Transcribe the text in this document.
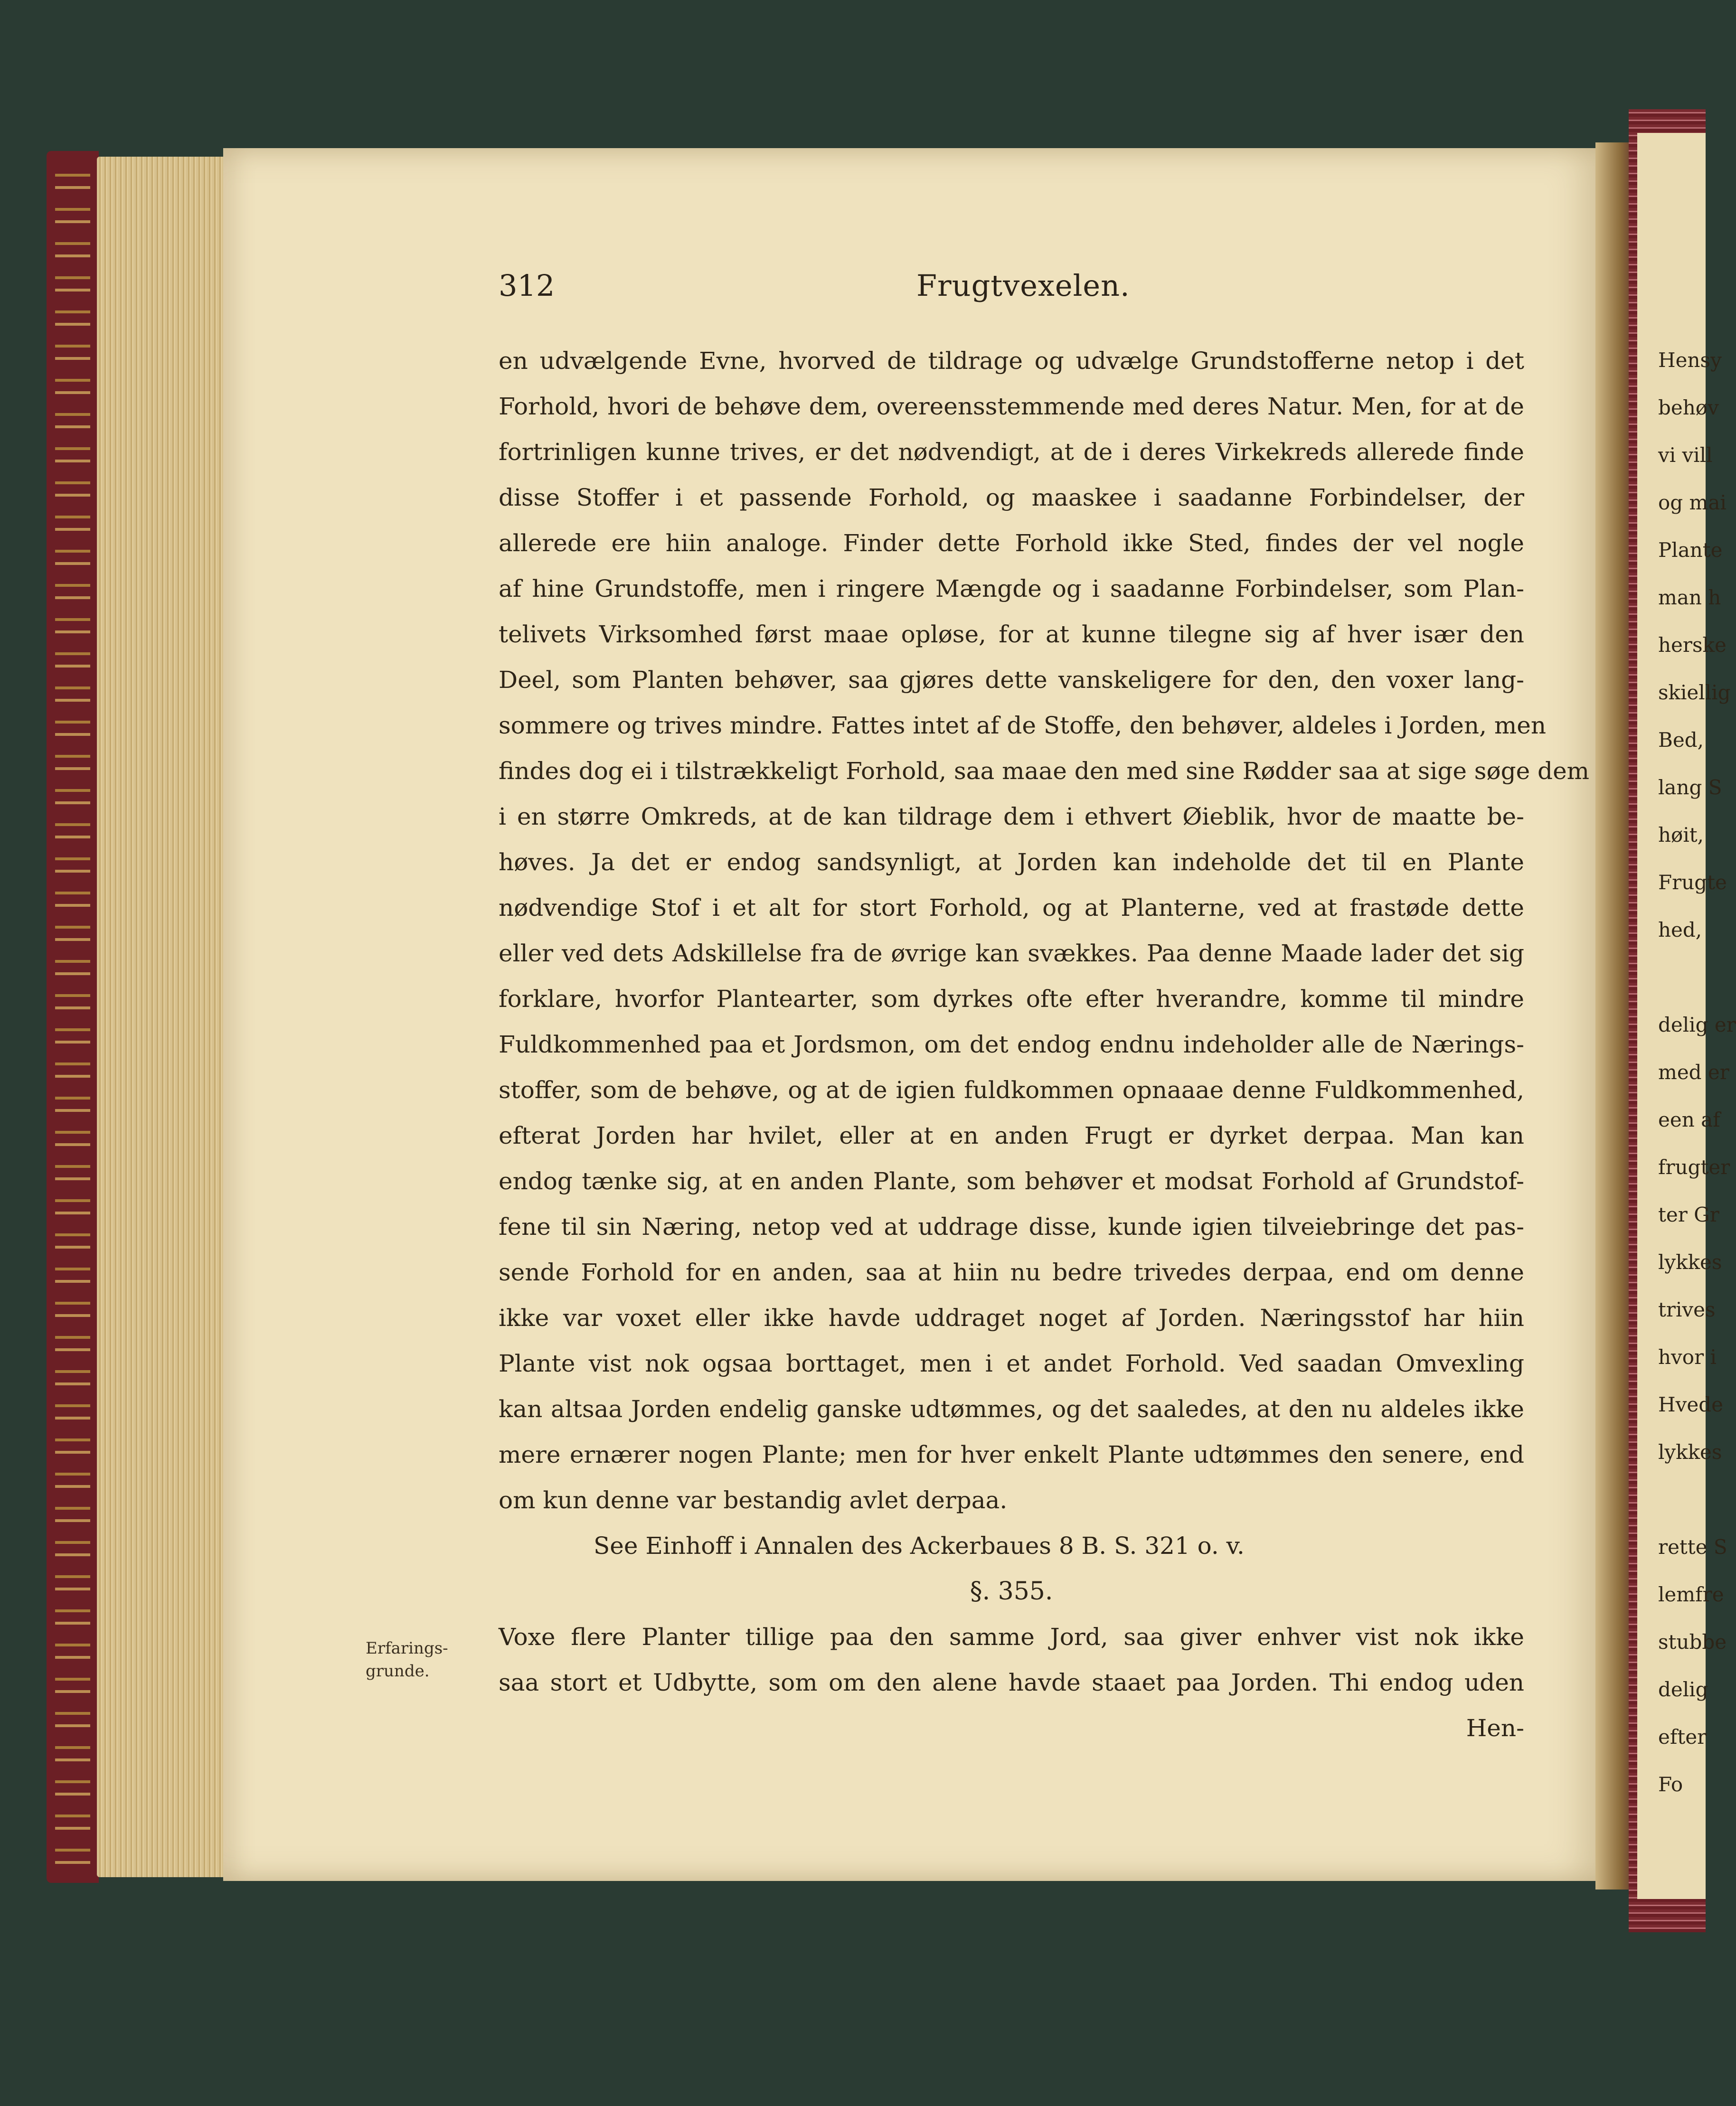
Hensy
behøv
vi vill
og mai
Plante
man h
herske
skiellig
Bed,
lang S
høit,
Frugte
hed,
delig er
med er
een af
frugter
ter Gr
lykkes
trives
hvor i
Hvede
lykkes
rette S
lemfre
stubbe
delig
efter
Fo
312	Frugtvexelen.
en udvælgende Evne, hvorved de tildrage og udvælge Grundstofferne netop i det
Forhold, hvori de behøve dem, overeensstemmende med deres Natur. Men, for at de
fortrinligen kunne trives, er det nødvendigt, at de i deres Virkekreds allerede finde
disse Stoffer i et passende Forhold, og maaskee i saadanne Forbindelser, der
allerede ere hiin analoge. Finder dette Forhold ikke Sted, findes der vel nogle
af hine Grundstoffe, men i ringere Mængde og i saadanne Forbindelser, som Plan-
telivets Virksomhed først maae opløse, for at kunne tilegne sig af hver især den
Deel, som Planten behøver, saa gjøres dette vanskeligere for den, den voxer lang-
sommere og trives mindre. Fattes intet af de Stoffe, den behøver, aldeles i Jorden, men
findes dog ei i tilstrækkeligt Forhold, saa maae den med sine Rødder saa at sige søge dem
i en større Omkreds, at de kan tildrage dem i ethvert Øieblik, hvor de maatte be-
høves. Ja det er endog sandsynligt, at Jorden kan indeholde det til en Plante
nødvendige Stof i et alt for stort Forhold, og at Planterne, ved at frastøde dette
eller ved dets Adskillelse fra de øvrige kan svækkes. Paa denne Maade lader det sig
forklare, hvorfor Plantearter, som dyrkes ofte efter hverandre, komme til mindre
Fuldkommenhed paa et Jordsmon, om det endog endnu indeholder alle de Nærings-
stoffer, som de behøve, og at de igien fuldkommen opnaaae denne Fuldkommenhed,
efterat Jorden har hvilet, eller at en anden Frugt er dyrket derpaa. Man kan
endog tænke sig, at en anden Plante, som behøver et modsat Forhold af Grundstof-
fene til sin Næring, netop ved at uddrage disse, kunde igien tilveiebringe det pas-
sende Forhold for en anden, saa at hiin nu bedre trivedes derpaa, end om denne
ikke var voxet eller ikke havde uddraget noget af Jorden. Næringsstof har hiin
Plante vist nok ogsaa borttaget, men i et andet Forhold. Ved saadan Omvexling
kan altsaa Jorden endelig ganske udtømmes, og det saaledes, at den nu aldeles ikke
mere ernærer nogen Plante; men for hver enkelt Plante udtømmes den senere, end
om kun denne var bestandig avlet derpaa.
See Einhoff i Annalen des Ackerbaues 8 B. S. 321 o. v.
§. 355.
Voxe flere Planter tillige paa den samme Jord, saa giver enhver vist nok ikke
saa stort et Udbytte, som om den alene havde staaet paa Jorden. Thi endog uden
Hen-
Erfarings-
grunde.
